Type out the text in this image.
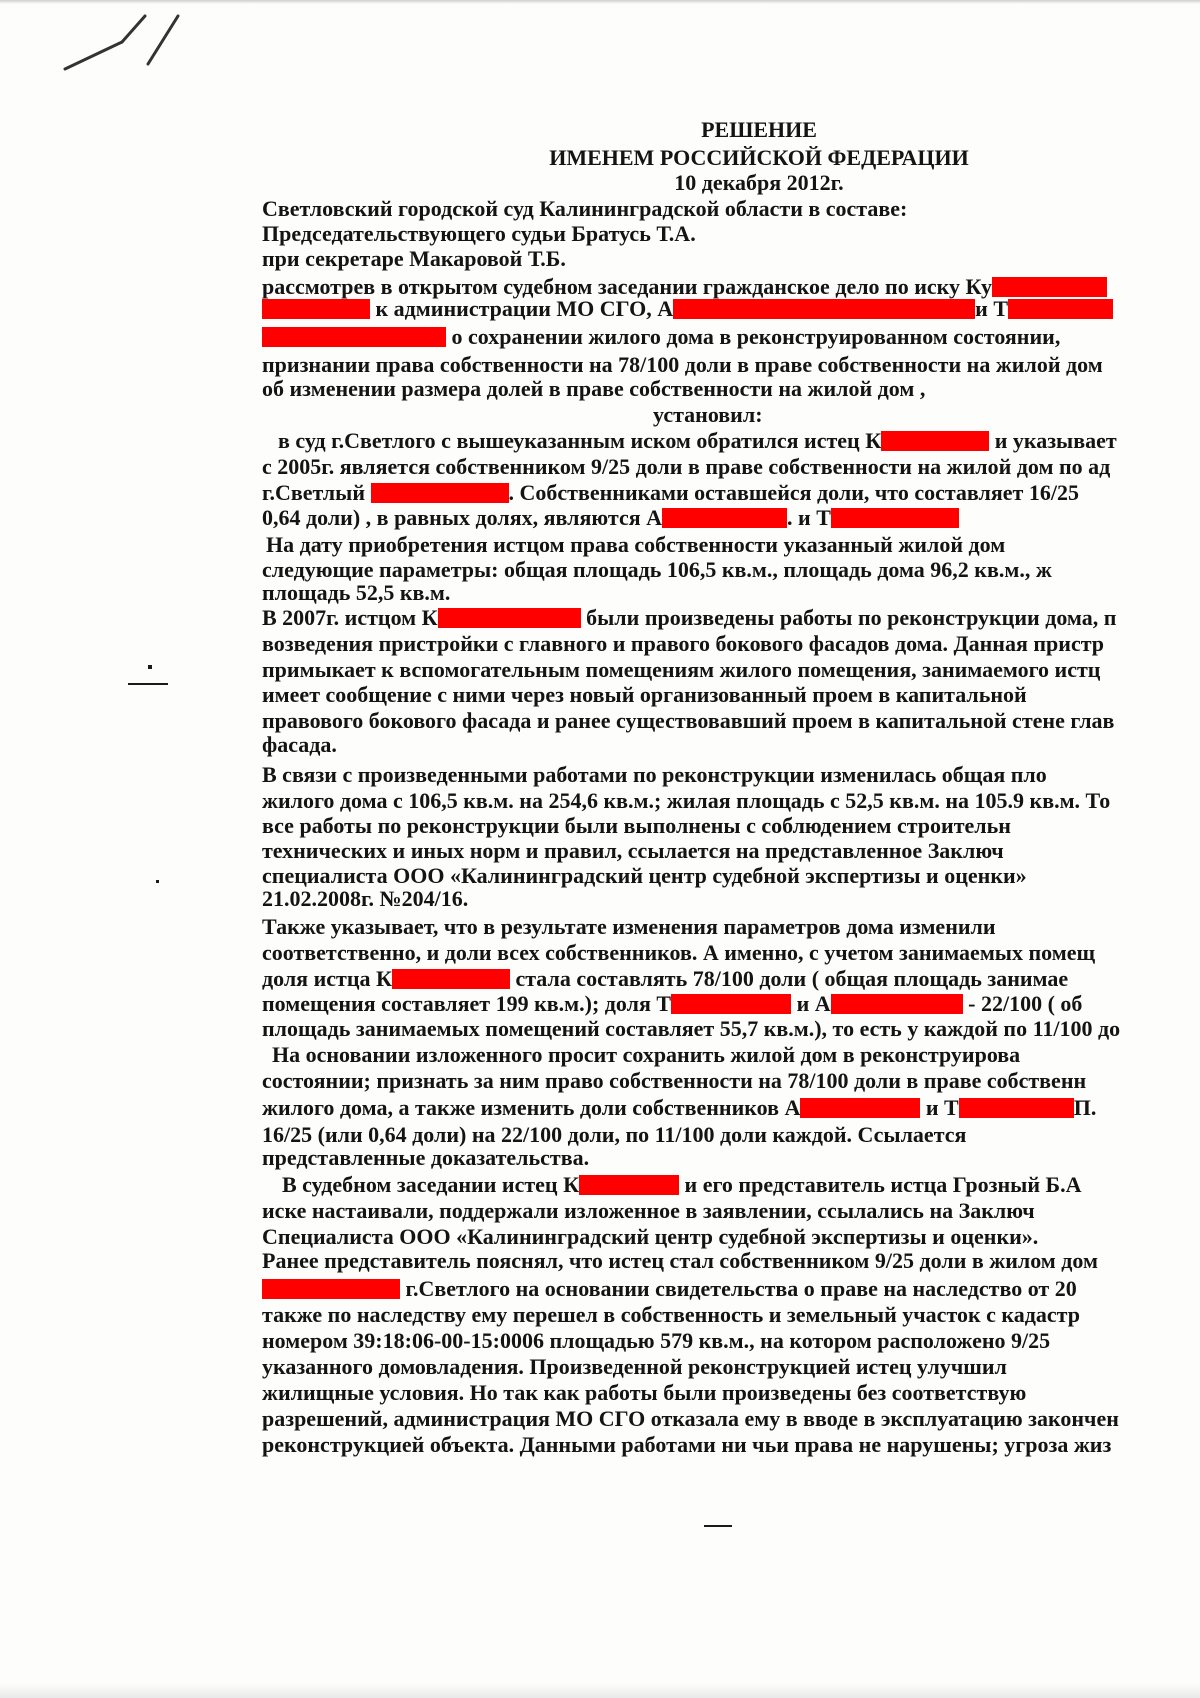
РЕШЕНИЕ
ИМЕНЕМ РОССИЙСКОЙ ФЕДЕРАЦИИ
10 декабря 2012г.
Светловский городской суд Калининградской области в составе:
Председательствующего судьи Братусь Т.А.
при секретаре Макаровой Т.Б.
рассмотрев в открытом судебном заседании гражданское дело по иску Ку
к администрации МО СГО, А	и Т
о сохранении жилого дома в реконструированном состоянии,
признании права собственности на 78/100 доли в праве собственности на жилой дом
об изменении размера долей в праве собственности на жилой дом ,
установил:
в суд г.Светлого с вышеуказанным иском обратился истец К	и указывает
с 2005г. является собственником 9/25 доли в праве собственности на жилой дом по ад
г.Светлый	. Собственниками оставшейся доли, что составляет 16/25
0,64 доли) , в равных долях, являются А	. и Т
На дату приобретения истцом права собственности указанный жилой дом
следующие параметры: общая площадь 106,5 кв.м., площадь дома 96,2 кв.м., ж
площадь 52,5 кв.м.
В 2007г. истцом К	были произведены работы по реконструкции дома, п
возведения пристройки с главного и правого бокового фасадов дома. Данная пристр
примыкает к вспомогательным помещениям жилого помещения, занимаемого истц
имеет сообщение с ними через новый организованный проем в капитальной
правового бокового фасада и ранее существовавший проем в капитальной стене глав
фасада.
В связи с произведенными работами по реконструкции изменилась общая пло
жилого дома с 106,5 кв.м. на 254,6 кв.м.; жилая площадь с 52,5 кв.м. на 105.9 кв.м. То
все работы по реконструкции были выполнены с соблюдением строительн
технических и иных норм и правил, ссылается на представленное Заключ
специалиста ООО «Калининградский центр судебной экспертизы и оценки»
21.02.2008г. №204/16.
Также указывает, что в результате изменения параметров дома изменили
соответственно, и доли всех собственников. А именно, с учетом занимаемых помещ
доля истца К	стала составлять 78/100 доли ( общая площадь занимае
помещения составляет 199 кв.м.); доля Т	и А	- 22/100 ( об
площадь занимаемых помещений составляет 55,7 кв.м.), то есть у каждой по 11/100 до
На основании изложенного просит сохранить жилой дом в реконструирова
состоянии; признать за ним право собственности на 78/100 доли в праве собственн
жилого дома, а также изменить доли собственников А	и Т	П.
16/25 (или 0,64 доли) на 22/100 доли, по 11/100 доли каждой. Ссылается
представленные доказательства.
В судебном заседании истец К	и его представитель истца Грозный Б.А
иске настаивали, поддержали изложенное в заявлении, ссылались на Заключ
Специалиста ООО «Калининградский центр судебной экспертизы и оценки».
Ранее представитель пояснял, что истец стал собственником 9/25 доли в жилом дом
г.Светлого на основании свидетельства о праве на наследство от 20
также по наследству ему перешел в собственность и земельный участок с кадастр
номером 39:18:06-00-15:0006 площадью 579 кв.м., на котором расположено 9/25
указанного домовладения. Произведенной реконструкцией истец улучшил
жилищные условия. Но так как работы были произведены без соответствую
разрешений, администрация МО СГО отказала ему в вводе в эксплуатацию закончен
реконструкцией объекта. Данными работами ни чьи права не нарушены; угроза жиз
